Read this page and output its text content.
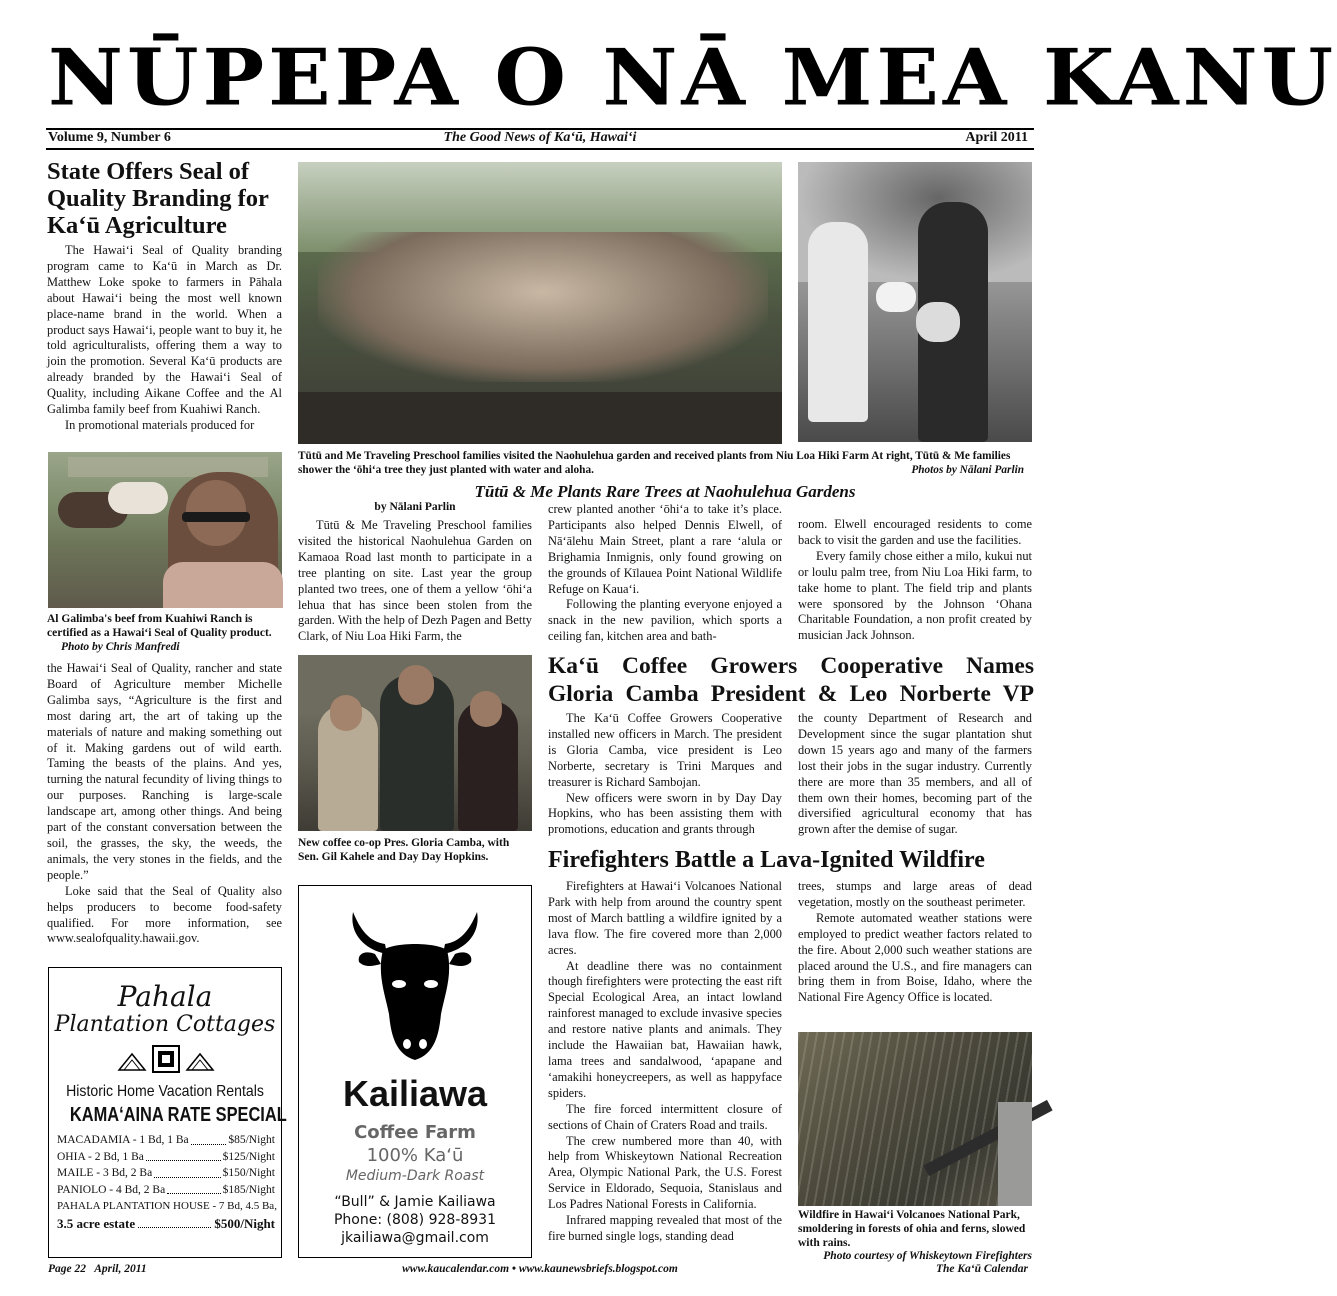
NŪPEPA O NĀ MEA KANU
Volume 9, Number 6	The Good News of Kaʻū, Hawaiʻi	April 2011
State Offers Seal of Quality Branding for Kaʻū Agriculture

The Hawaiʻi Seal of Quality branding program came to Kaʻū in March as Dr. Matthew Loke spoke to farmers in Pāhala about Hawaiʻi being the most well known place-name brand in the world. When a product says Hawaiʻi, people want to buy it, he told agriculturalists, offering them a way to join the promotion. Several Kaʻū products are already branded by the Hawaiʻi Seal of Quality, including Aikane Coffee and the Al Galimba family beef from Kuahiwi Ranch.

In promotional materials produced for

Al Galimba's beef from Kuahiwi Ranch is certified as a Hawaiʻi Seal of Quality product. Photo by Chris Manfredi

the Hawaiʻi Seal of Quality, rancher and state Board of Agriculture member Michelle Galimba says, “Agriculture is the first and most daring art, the art of taking up the materials of nature and making something out of it. Making gardens out of wild earth. Taming the beasts of the plains. And yes, turning the natural fecundity of living things to our purposes. Ranching is large-scale landscape art, among other things. And being part of the constant conversation between the soil, the grasses, the sky, the weeds, the animals, the very stones in the fields, and the people.”

Loke said that the Seal of Quality also helps producers to become food-safety qualified. For more information, see www.sealofquality.hawaii.gov.

Pahala
Plantation Cottages
Historic Home Vacation Rentals
KAMAʻAINA RATE SPECIAL
MACADAMIA - 1 Bd, 1 Ba	$85/Night
OHIA - 2 Bd, 1 Ba	$125/Night
MAILE - 3 Bd, 2 Ba	$150/Night
PANIOLO - 4 Bd, 2 Ba	$185/Night
PAHALA PLANTATION HOUSE - 7 Bd, 4.5 Ba,
3.5 acre estate	$500/Night
Tūtū and Me Traveling Preschool families visited the Naohulehua garden and received plants from Niu Loa Hiki Farm At right, Tūtū & Me families shower the ʻōhiʻa tree they just planted with water and aloha.	Photos by Nālani Parlin
Tūtū & Me Plants Rare Trees at Naohulehua Gardens
by Nālani Parlin

Tūtū & Me Traveling Preschool families visited the historical Naohulehua Garden on Kamaoa Road last month to participate in a tree planting on site. Last year the group planted two trees, one of them a yellow ʻōhiʻa lehua that has since been stolen from the garden. With the help of Dezh Pagen and Betty Clark, of Niu Loa Hiki Farm, the

crew planted another ʻōhiʻa to take it’s place. Participants also helped Dennis Elwell, of Nāʻālehu Main Street, plant a rare ʻalula or Brighamia Inmignis, only found growing on the grounds of Kīlauea Point National Wildlife Refuge on Kauaʻi.

Following the planting everyone enjoyed a snack in the new pavilion, which sports a ceiling fan, kitchen area and bath-

room. Elwell encouraged residents to come back to visit the garden and use the facilities.

Every family chose either a milo, kukui nut or loulu palm tree, from Niu Loa Hiki farm, to take home to plant. The field trip and plants were sponsored by the Johnson ʻOhana Charitable Foundation, a non profit created by musician Jack Johnson.

New coffee co-op Pres. Gloria Camba, with Sen. Gil Kahele and Day Day Hopkins.
Kailiawa
Coffee Farm
100% Kaʻū
Medium-Dark Roast
“Bull” & Jamie Kailiawa
Phone: (808) 928-8931
jkailiawa@gmail.com
Kaʻū Coffee Growers Cooperative Names Gloria Camba President & Leo Norberte VP

The Kaʻū Coffee Growers Cooperative installed new officers in March. The president is Gloria Camba, vice president is Leo Norberte, secretary is Trini Marques and treasurer is Richard Sambojan.

New officers were sworn in by Day Day Hopkins, who has been assisting them with promotions, education and grants through

the county Department of Research and Development since the sugar plantation shut down 15 years ago and many of the farmers lost their jobs in the sugar industry. Currently there are more than 35 members, and all of them own their homes, becoming part of the diversified agricultural economy that has grown after the demise of sugar.

Firefighters Battle a Lava-Ignited Wildfire

Firefighters at Hawaiʻi Volcanoes National Park with help from around the country spent most of March battling a wildfire ignited by a lava flow. The fire covered more than 2,000 acres.

At deadline there was no containment though firefighters were protecting the east rift Special Ecological Area, an intact lowland rainforest managed to exclude invasive species and restore native plants and animals. They include the Hawaiian bat, Hawaiian hawk, lama trees and sandalwood, ʻapapane and ʻamakihi honeycreepers, as well as happyface spiders.

The fire forced intermittent closure of sections of Chain of Craters Road and trails.

The crew numbered more than 40, with help from Whiskeytown National Recreation Area, Olympic National Park, the U.S. Forest Service in Eldorado, Sequoia, Stanislaus and Los Padres National Forests in California.

Infrared mapping revealed that most of the fire burned single logs, standing dead

trees, stumps and large areas of dead vegetation, mostly on the southeast perimeter.

Remote automated weather stations were employed to predict weather factors related to the fire. About 2,000 such weather stations are placed around the U.S., and fire managers can bring them in from Boise, Idaho, where the National Fire Agency Office is located.

Wildfire in Hawaiʻi Volcanoes National Park, smoldering in forests of ohia and ferns, slowed with rains.
Photo courtesy of Whiskeytown Firefighters
Page 22 April, 2011	www.kaucalendar.com • www.kaunewsbriefs.blogspot.com	The Kaʻū Calendar
